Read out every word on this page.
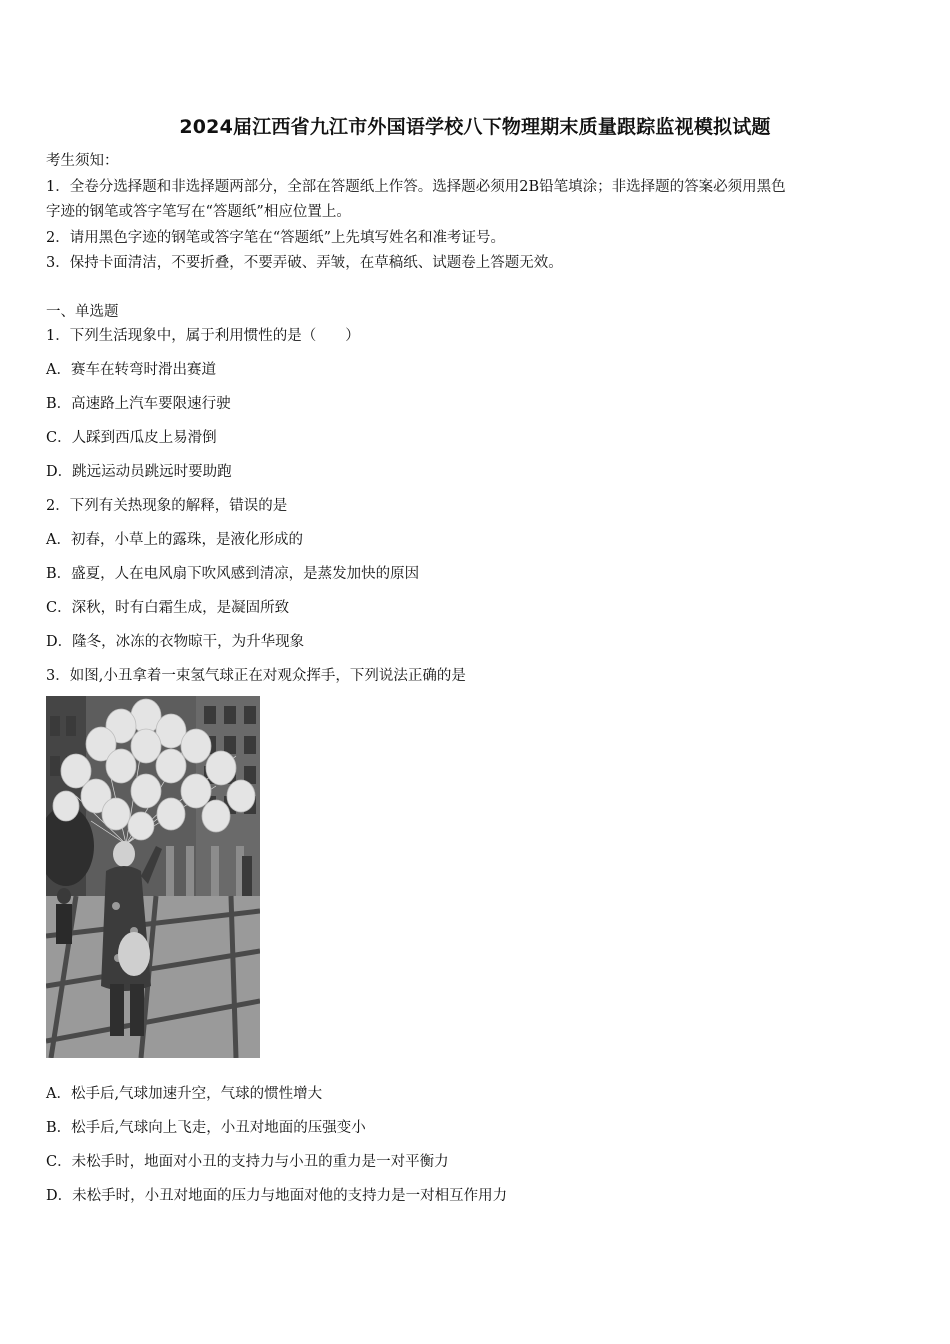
2024届江西省九江市外国语学校八下物理期末质量跟踪监视模拟试题
考生须知：
1．全卷分选择题和非选择题两部分，全部在答题纸上作答。选择题必须用2B铅笔填涂；非选择题的答案必须用黑色
字迹的钢笔或答字笔写在“答题纸”相应位置上。
2．请用黑色字迹的钢笔或答字笔在“答题纸”上先填写姓名和准考证号。
3．保持卡面清洁，不要折叠，不要弄破、弄皱，在草稿纸、试题卷上答题无效。
一、单选题
1．下列生活现象中，属于利用惯性的是（　　）
A．赛车在转弯时滑出赛道
B．高速路上汽车要限速行驶
C．人踩到西瓜皮上易滑倒
D．跳远运动员跳远时要助跑
2．下列有关热现象的解释，错误的是
A．初春，小草上的露珠，是液化形成的
B．盛夏，人在电风扇下吹风感到清凉，是蒸发加快的原因
C．深秋，时有白霜生成，是凝固所致
D．隆冬，冰冻的衣物晾干，为升华现象
3．如图,小丑拿着一束氢气球正在对观众挥手，下列说法正确的是
A．松手后,气球加速升空，气球的惯性增大
B．松手后,气球向上飞走，小丑对地面的压强变小
C．未松手时，地面对小丑的支持力与小丑的重力是一对平衡力
D．未松手时，小丑对地面的压力与地面对他的支持力是一对相互作用力
